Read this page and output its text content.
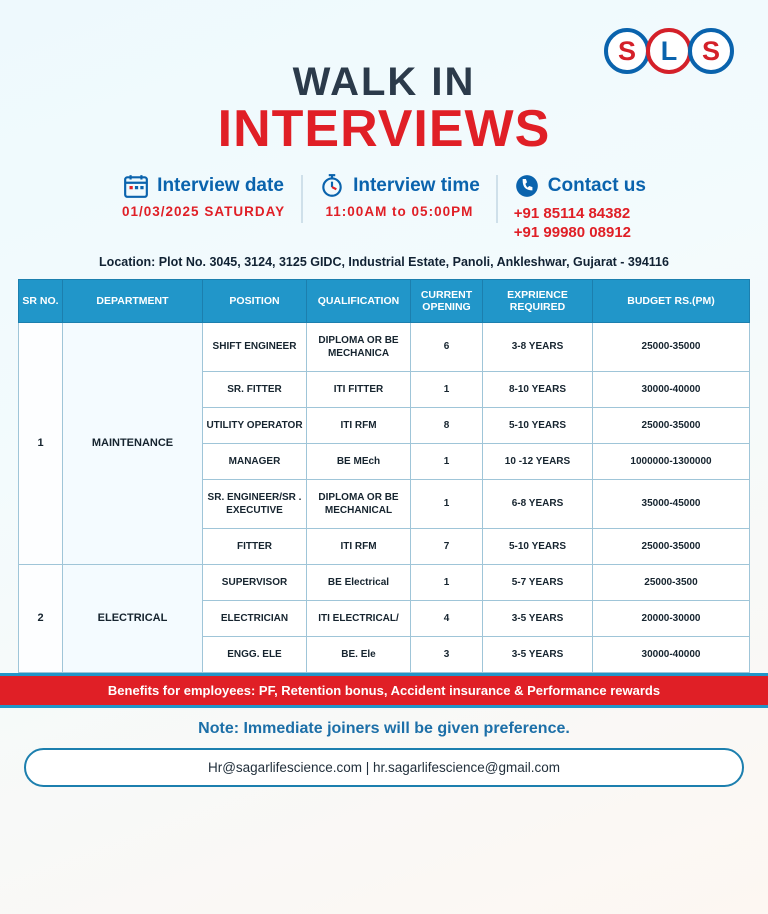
S L S
WALK IN
INTERVIEWS
Interview date
01/03/2025 SATURDAY
Interview time
11:00AM to 05:00PM
Contact us
+91 85114 84382
+91 99980 08912
Location: Plot No. 3045, 3124, 3125 GIDC, Industrial Estate, Panoli, Ankleshwar, Gujarat - 394116
SR NO.	DEPARTMENT	POSITION	QUALIFICATION	CURRENT OPENING	EXPRIENCE REQUIRED	BUDGET RS.(PM)
1	MAINTENANCE	SHIFT ENGINEER	DIPLOMA OR BE MECHANICA	6	3-8 YEARS	25000-35000
		SR. FITTER	ITI FITTER	1	8-10 YEARS	30000-40000
		UTILITY OPERATOR	ITI RFM	8	5-10 YEARS	25000-35000
		MANAGER	BE MEch	1	10 -12 YEARS	1000000-1300000
		SR. ENGINEER/SR . EXECUTIVE	DIPLOMA OR BE MECHANICAL	1	6-8 YEARS	35000-45000
		FITTER	ITI RFM	7	5-10 YEARS	25000-35000
2	ELECTRICAL	SUPERVISOR	BE Electrical	1	5-7 YEARS	25000-3500
		ELECTRICIAN	ITI ELECTRICAL/	4	3-5 YEARS	20000-30000
		ENGG. ELE	BE. Ele	3	3-5 YEARS	30000-40000
Benefits for employees: PF, Retention bonus, Accident insurance & Performance rewards
Note: Immediate joiners will be given preference.
Hr@sagarlifescience.com | hr.sagarlifescience@gmail.com
